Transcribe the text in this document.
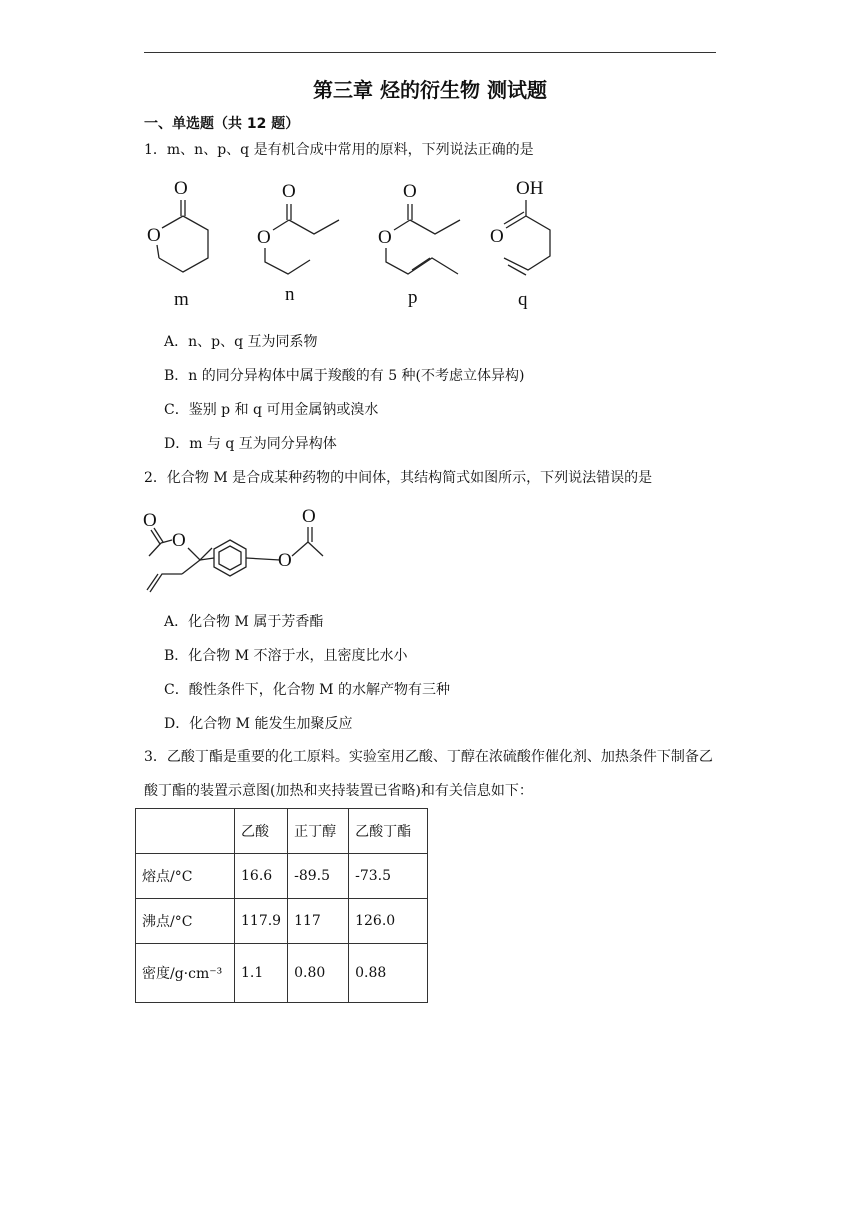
第三章 烃的衍生物 测试题
一、单选题（共 12 题）
1．m、n、p、q 是有机合成中常用的原料，下列说法正确的是
O
O
m
O
O
n
O
O
p
OH
O
q
A．n、p、q 互为同系物
B．n 的同分异构体中属于羧酸的有 5 种(不考虑立体异构)
C．鉴别 p 和 q 可用金属钠或溴水
D．m 与 q 互为同分异构体
2．化合物 M 是合成某种药物的中间体，其结构简式如图所示，下列说法错误的是
O
O
O
O
A．化合物 M 属于芳香酯
B．化合物 M 不溶于水，且密度比水小
C．酸性条件下，化合物 M 的水解产物有三种
D．化合物 M 能发生加聚反应
3．乙酸丁酯是重要的化工原料。实验室用乙酸、丁醇在浓硫酸作催化剂、加热条件下制备乙酸丁酯的装置示意图(加热和夹持装置已省略)和有关信息如下：
	乙酸	正丁醇	乙酸丁酯
熔点/°C	16.6	-89.5	-73.5
沸点/°C	117.9	117	126.0
密度/g·cm⁻³	1.1	0.80	0.88
